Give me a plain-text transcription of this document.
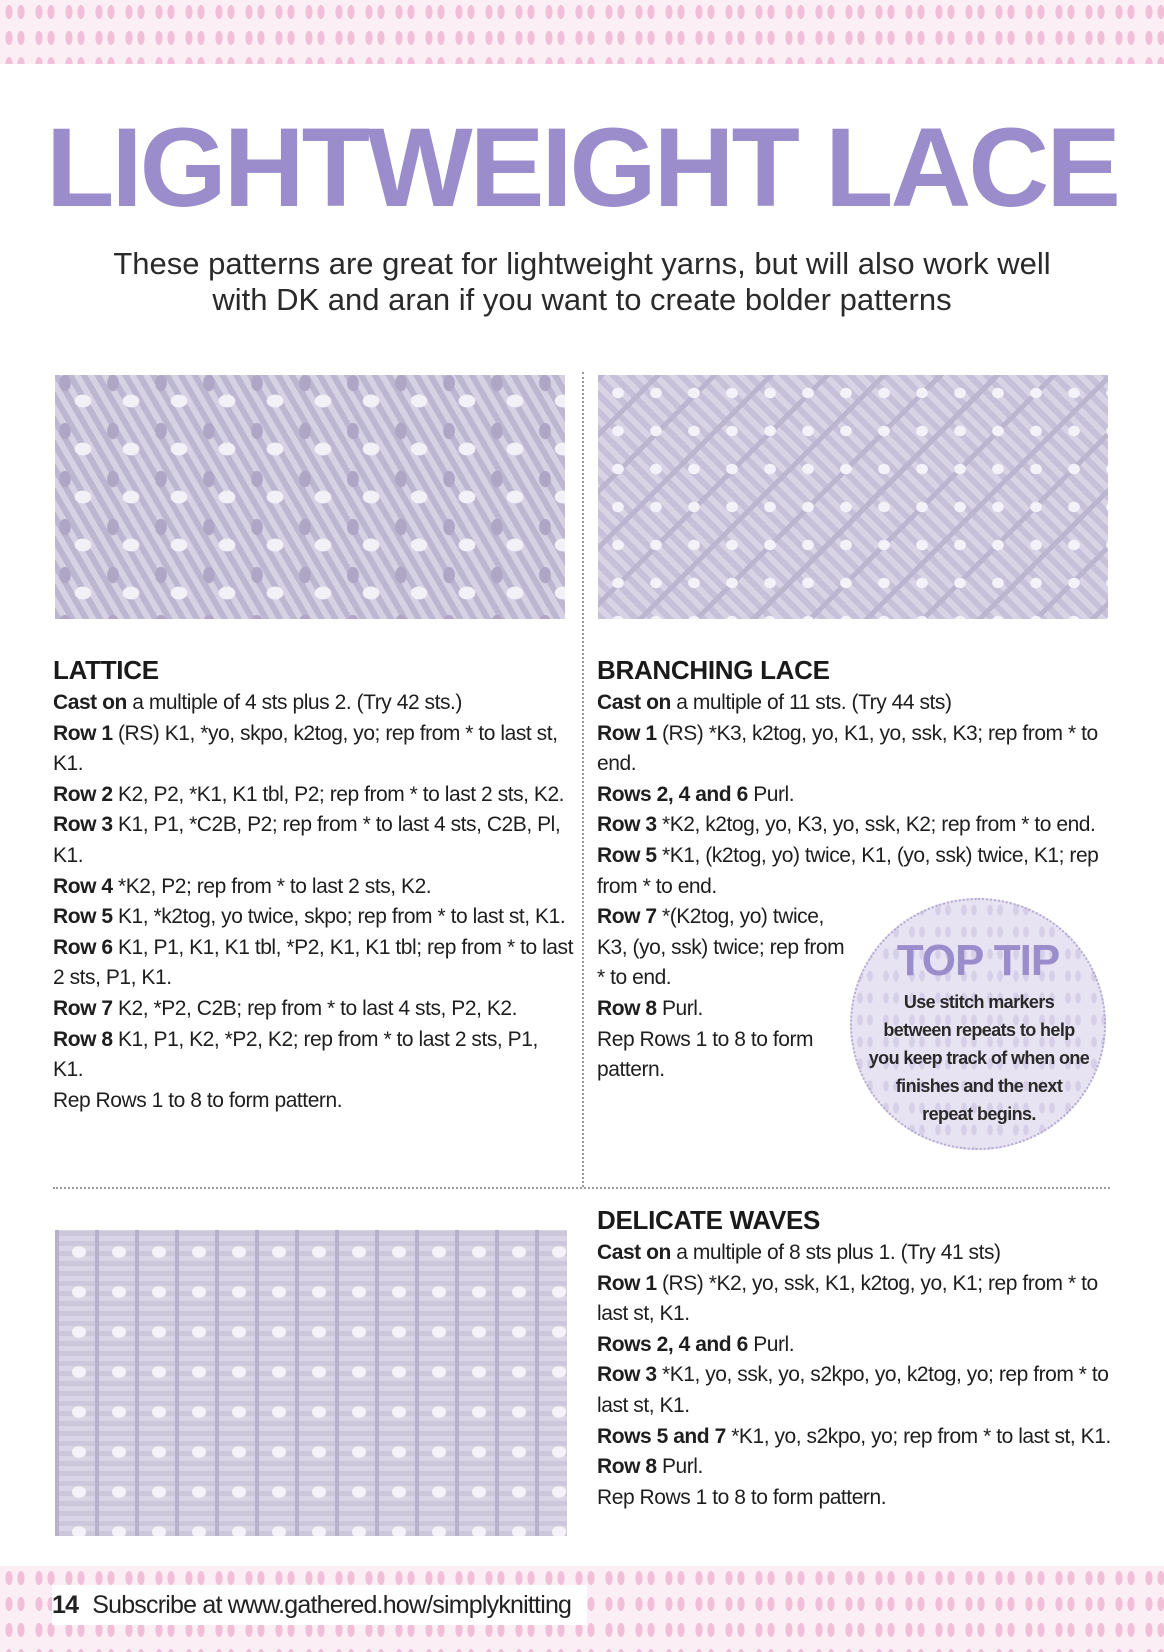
LIGHTWEIGHT LACE
These patterns are great for lightweight yarns, but will also work well
with DK and aran if you want to create bolder patterns
LATTICE

Cast on a multiple of 4 sts plus 2. (Try 42 sts.)

Row 1 (RS) K1, *yo, skpo, k2tog, yo; rep from * to last st, K1.

Row 2 K2, P2, *K1, K1 tbl, P2; rep from * to last 2 sts, K2.

Row 3 K1, P1, *C2B, P2; rep from * to last 4 sts, C2B, Pl, K1.

Row 4 *K2, P2; rep from * to last 2 sts, K2.

Row 5 K1, *k2tog, yo twice, skpo; rep from * to last st, K1.

Row 6 K1, P1, K1, K1 tbl, *P2, K1, K1 tbl; rep from * to last 2 sts, P1, K1.

Row 7 K2, *P2, C2B; rep from * to last 4 sts, P2, K2.

Row 8 K1, P1, K2, *P2, K2; rep from * to last 2 sts, P1, K1.

Rep Rows 1 to 8 to form pattern.

BRANCHING LACE

Cast on a multiple of 11 sts. (Try 44 sts)

Row 1 (RS) *K3, k2tog, yo, K1, yo, ssk, K3; rep from * to end.

Rows 2, 4 and 6 Purl.

Row 3 *K2, k2tog, yo, K3, yo, ssk, K2; rep from * to end.

Row 5 *K1, (k2tog, yo) twice, K1, (yo, ssk) twice, K1; rep from * to end.

Row 7 *(K2tog, yo) twice, K3, (yo, ssk) twice; rep from * to end.

Row 8 Purl.

Rep Rows 1 to 8 to form pattern.

TOP TIP
Use stitch markers
between repeats to help
you keep track of when one
finishes and the next
repeat begins.
DELICATE WAVES

Cast on a multiple of 8 sts plus 1. (Try 41 sts)

Row 1 (RS) *K2, yo, ssk, K1, k2tog, yo, K1; rep from * to last st, K1.

Rows 2, 4 and 6 Purl.

Row 3 *K1, yo, ssk, yo, s2kpo, yo, k2tog, yo; rep from * to last st, K1.

Rows 5 and 7 *K1, yo, s2kpo, yo; rep from * to last st, K1.

Row 8 Purl.

Rep Rows 1 to 8 to form pattern.

14 Subscribe at www.gathered.how/simplyknitting
